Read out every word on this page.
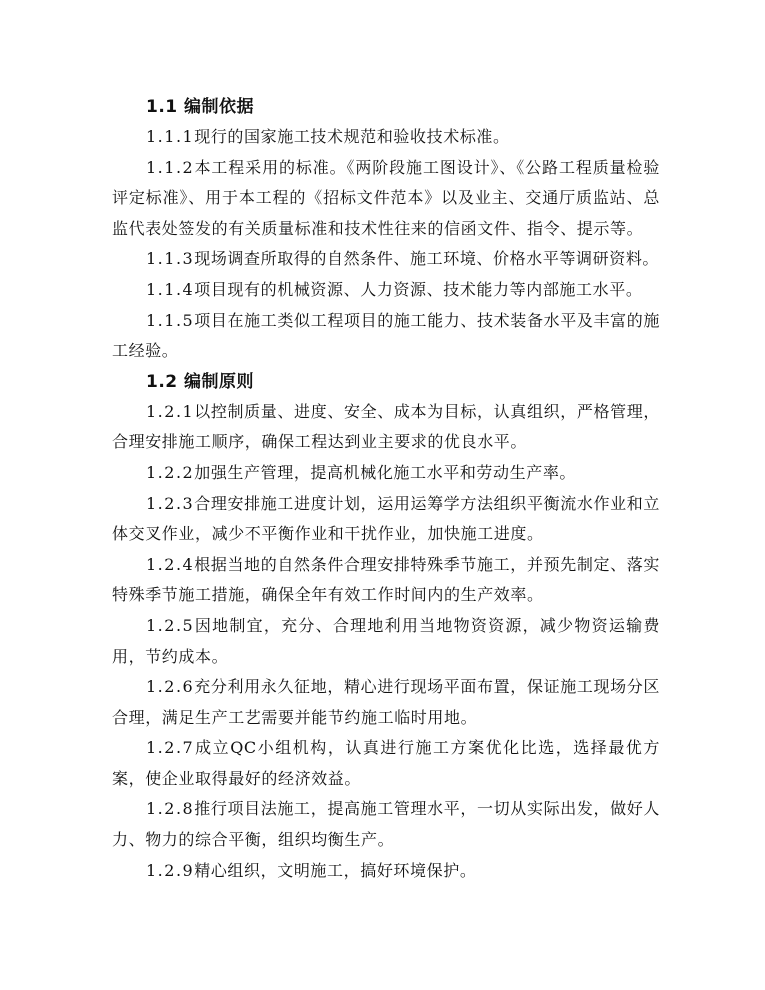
1.1 编制依据

1.1.1现行的国家施工技术规范和验收技术标准。

1.1.2本工程采用的标准。《两阶段施工图设计》、《公路工程质量检验评定标准》、用于本工程的《招标文件范本》以及业主、交通厅质监站、总监代表处签发的有关质量标准和技术性往来的信函文件、指令、提示等。

1.1.3现场调查所取得的自然条件、施工环境、价格水平等调研资料。

1.1.4项目现有的机械资源、人力资源、技术能力等内部施工水平。

1.1.5项目在施工类似工程项目的施工能力、技术装备水平及丰富的施工经验。

1.2 编制原则

1.2.1以控制质量、进度、安全、成本为目标，认真组织，严格管理，合理安排施工顺序，确保工程达到业主要求的优良水平。

1.2.2加强生产管理，提高机械化施工水平和劳动生产率。

1.2.3合理安排施工进度计划，运用运筹学方法组织平衡流水作业和立体交叉作业，减少不平衡作业和干扰作业，加快施工进度。

1.2.4根据当地的自然条件合理安排特殊季节施工，并预先制定、落实特殊季节施工措施，确保全年有效工作时间内的生产效率。

1.2.5因地制宜，充分、合理地利用当地物资资源，减少物资运输费用，节约成本。

1.2.6充分利用永久征地，精心进行现场平面布置，保证施工现场分区合理，满足生产工艺需要并能节约施工临时用地。

1.2.7成立QC小组机构，认真进行施工方案优化比选，选择最优方案，使企业取得最好的经济效益。

1.2.8推行项目法施工，提高施工管理水平，一切从实际出发，做好人力、物力的综合平衡，组织均衡生产。

1.2.9精心组织，文明施工，搞好环境保护。
